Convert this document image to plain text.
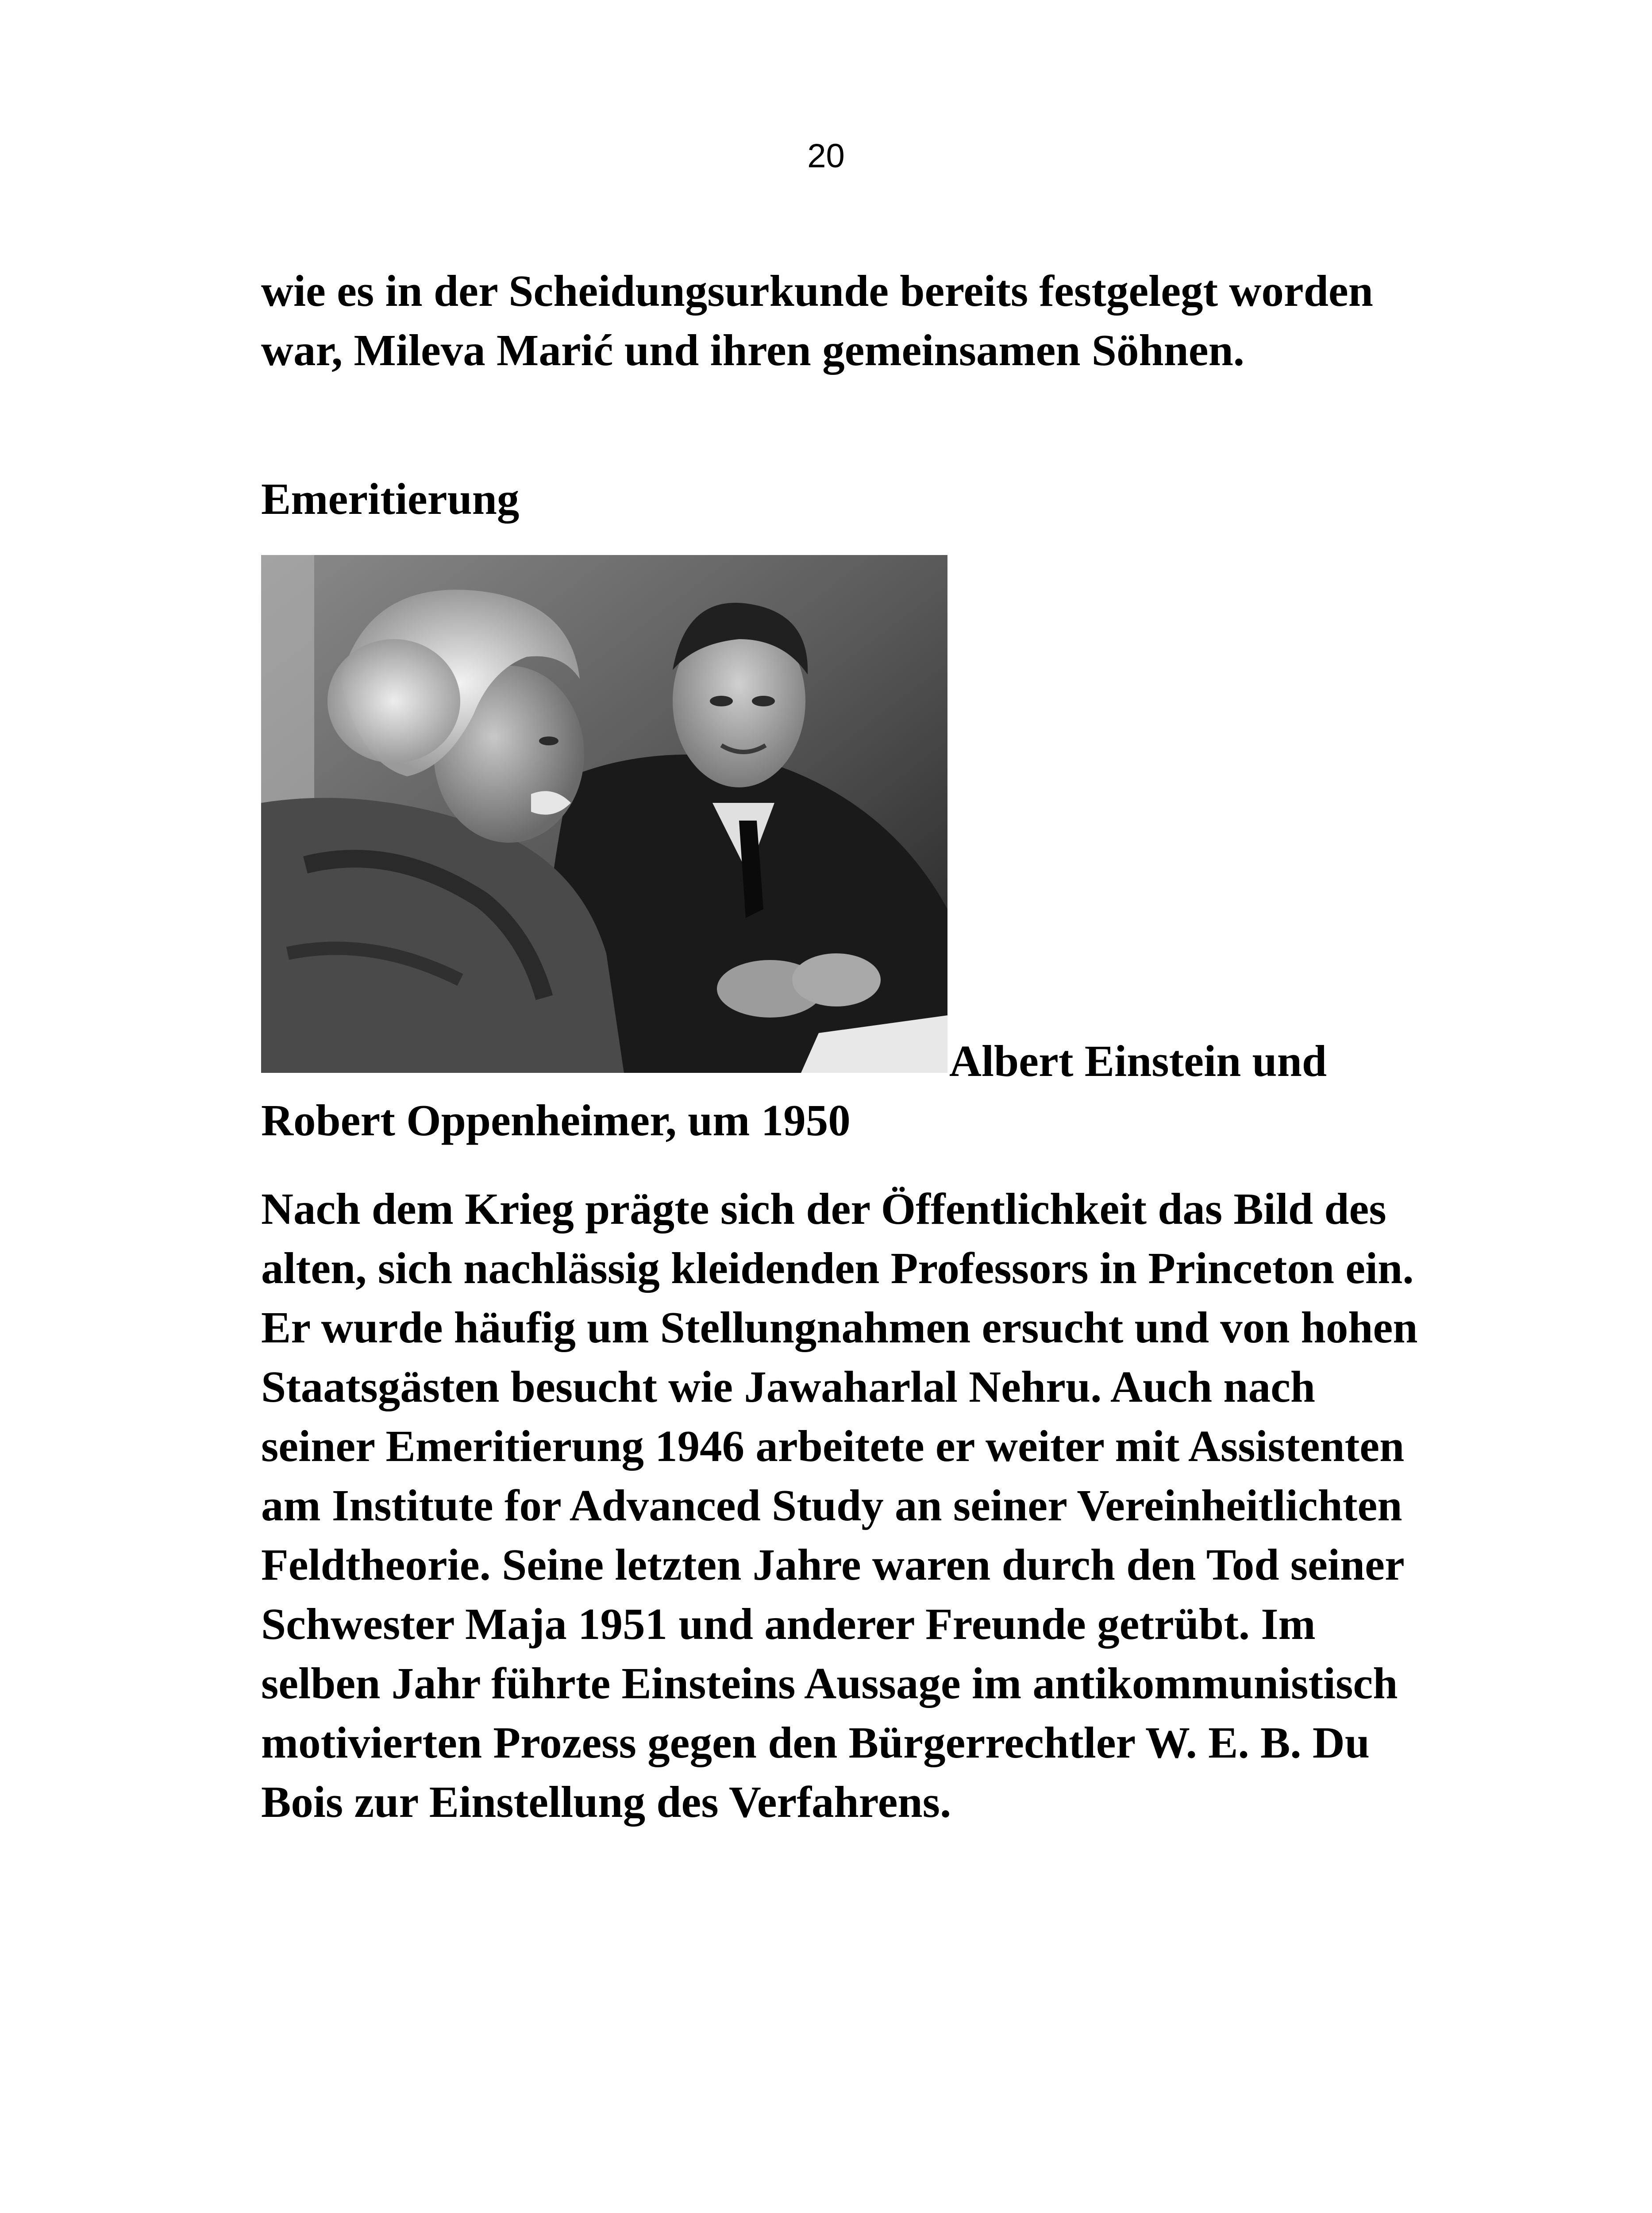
20

wie es in der Scheidungsurkunde bereits festgelegt worden war, Mileva Marić und ihren gemeinsamen Söhnen.

Emeritierung

Albert Einstein und
Robert Oppenheimer, um 1950

Nach dem Krieg prägte sich der Öffentlichkeit das Bild des alten, sich nachlässig kleidenden Professors in Princeton ein. Er wurde häufig um Stellungnahmen ersucht und von hohen Staatsgästen besucht wie Jawaharlal Nehru. Auch nach seiner Emeritierung 1946 arbeitete er weiter mit Assistenten am Institute for Advanced Study an seiner Vereinheitlichten Feldtheorie. Seine letzten Jahre waren durch den Tod seiner Schwester Maja 1951 und anderer Freunde getrübt. Im selben Jahr führte Einsteins Aussage im antikommunistisch motivierten Prozess gegen den Bürgerrechtler W. E. B. Du Bois zur Einstellung des Verfahrens.
